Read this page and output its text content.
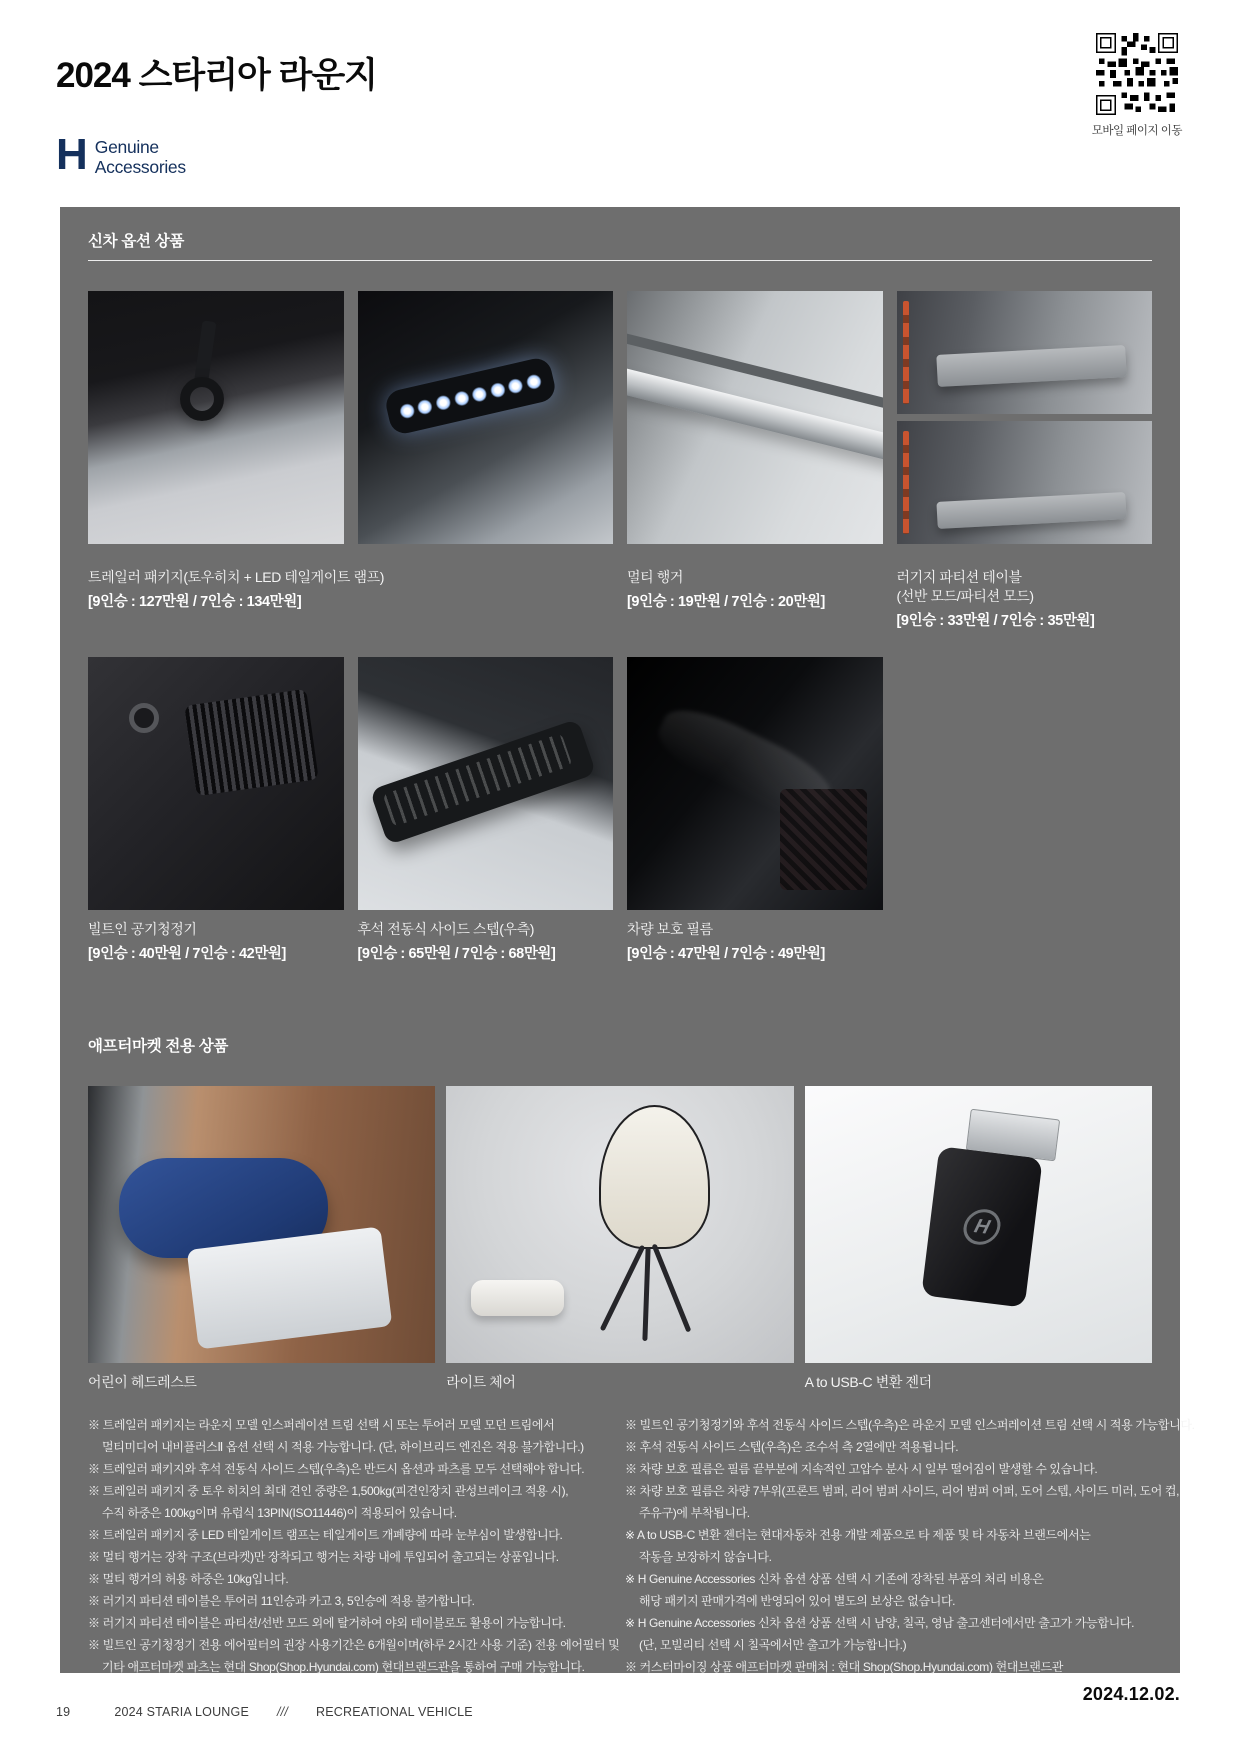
2024 스타리아 라운지
모바일 페이지 이동
H Genuine
Accessories
신차 옵션 상품
트레일러 패키지(토우히치 + LED 테일게이트 램프)
[9인승 : 127만원 / 7인승 : 134만원]
멀티 행거
[9인승 : 19만원 / 7인승 : 20만원]
러기지 파티션 테이블
(선반 모드/파티션 모드)
[9인승 : 33만원 / 7인승 : 35만원]
빌트인 공기청정기
[9인승 : 40만원 / 7인승 : 42만원]
후석 전동식 사이드 스텝(우측)
[9인승 : 65만원 / 7인승 : 68만원]
차량 보호 필름
[9인승 : 47만원 / 7인승 : 49만원]
애프터마켓 전용 상품
어린이 헤드레스트	라이트 체어
H
A to USB-C 변환 젠더
※ 트레일러 패키지는 라운지 모델 인스퍼레이션 트림 선택 시 또는 투어러 모델 모던 트림에서
멀티미디어 내비플러스Ⅱ 옵션 선택 시 적용 가능합니다. (단, 하이브리드 엔진은 적용 불가합니다.)
※ 트레일러 패키지와 후석 전동식 사이드 스텝(우측)은 반드시 옵션과 파츠를 모두 선택해야 합니다.
※ 트레일러 패키지 중 토우 히치의 최대 견인 중량은 1,500kg(피견인장치 관성브레이크 적용 시),
수직 하중은 100kg이며 유럽식 13PIN(ISO11446)이 적용되어 있습니다.
※ 트레일러 패키지 중 LED 테일게이트 램프는 테일게이트 개폐량에 따라 눈부심이 발생합니다.
※ 멀티 행거는 장착 구조(브라켓)만 장착되고 행거는 차량 내에 투입되어 출고되는 상품입니다.
※ 멀티 행거의 허용 하중은 10kg입니다.
※ 러기지 파티션 테이블은 투어러 11인승과 카고 3, 5인승에 적용 불가합니다.
※ 러기지 파티션 테이블은 파티션/선반 모드 외에 탈거하여 야외 테이블로도 활용이 가능합니다.
※ 빌트인 공기청정기 전용 에어필터의 권장 사용기간은 6개월이며(하루 2시간 사용 기준) 전용 에어필터 및
기타 애프터마켓 파츠는 현대 Shop(Shop.Hyundai.com) 현대브랜드관을 통하여 구매 가능합니다.
※ 빌트인 공기청정기와 후석 전동식 사이드 스텝(우측)은 라운지 모델 인스퍼레이션 트림 선택 시 적용 가능합니다.
※ 후석 전동식 사이드 스텝(우측)은 조수석 측 2열에만 적용됩니다.
※ 차량 보호 필름은 필름 끝부분에 지속적인 고압수 분사 시 일부 떨어짐이 발생할 수 있습니다.
※ 차량 보호 필름은 차량 7부위(프론트 범퍼, 리어 범퍼 사이드, 리어 범퍼 어퍼, 도어 스텝, 사이드 미러, 도어 컵,
주유구)에 부착됩니다.
※ A to USB-C 변환 젠더는 현대자동차 전용 개발 제품으로 타 제품 및 타 자동차 브랜드에서는
작동을 보장하지 않습니다.
※ H Genuine Accessories 신차 옵션 상품 선택 시 기존에 장착된 부품의 처리 비용은
해당 패키지 판매가격에 반영되어 있어 별도의 보상은 없습니다.
※ H Genuine Accessories 신차 옵션 상품 선택 시 남양, 칠곡, 영남 출고센터에서만 출고가 가능합니다.
(단, 모빌리티 선택 시 칠곡에서만 출고가 가능합니다.)
※ 커스터마이징 상품 애프터마켓 판매처 : 현대 Shop(Shop.Hyundai.com) 현대브랜드관
2024.12.02.
19	2024 STARIA LOUNGE /// RECREATIONAL VEHICLE
